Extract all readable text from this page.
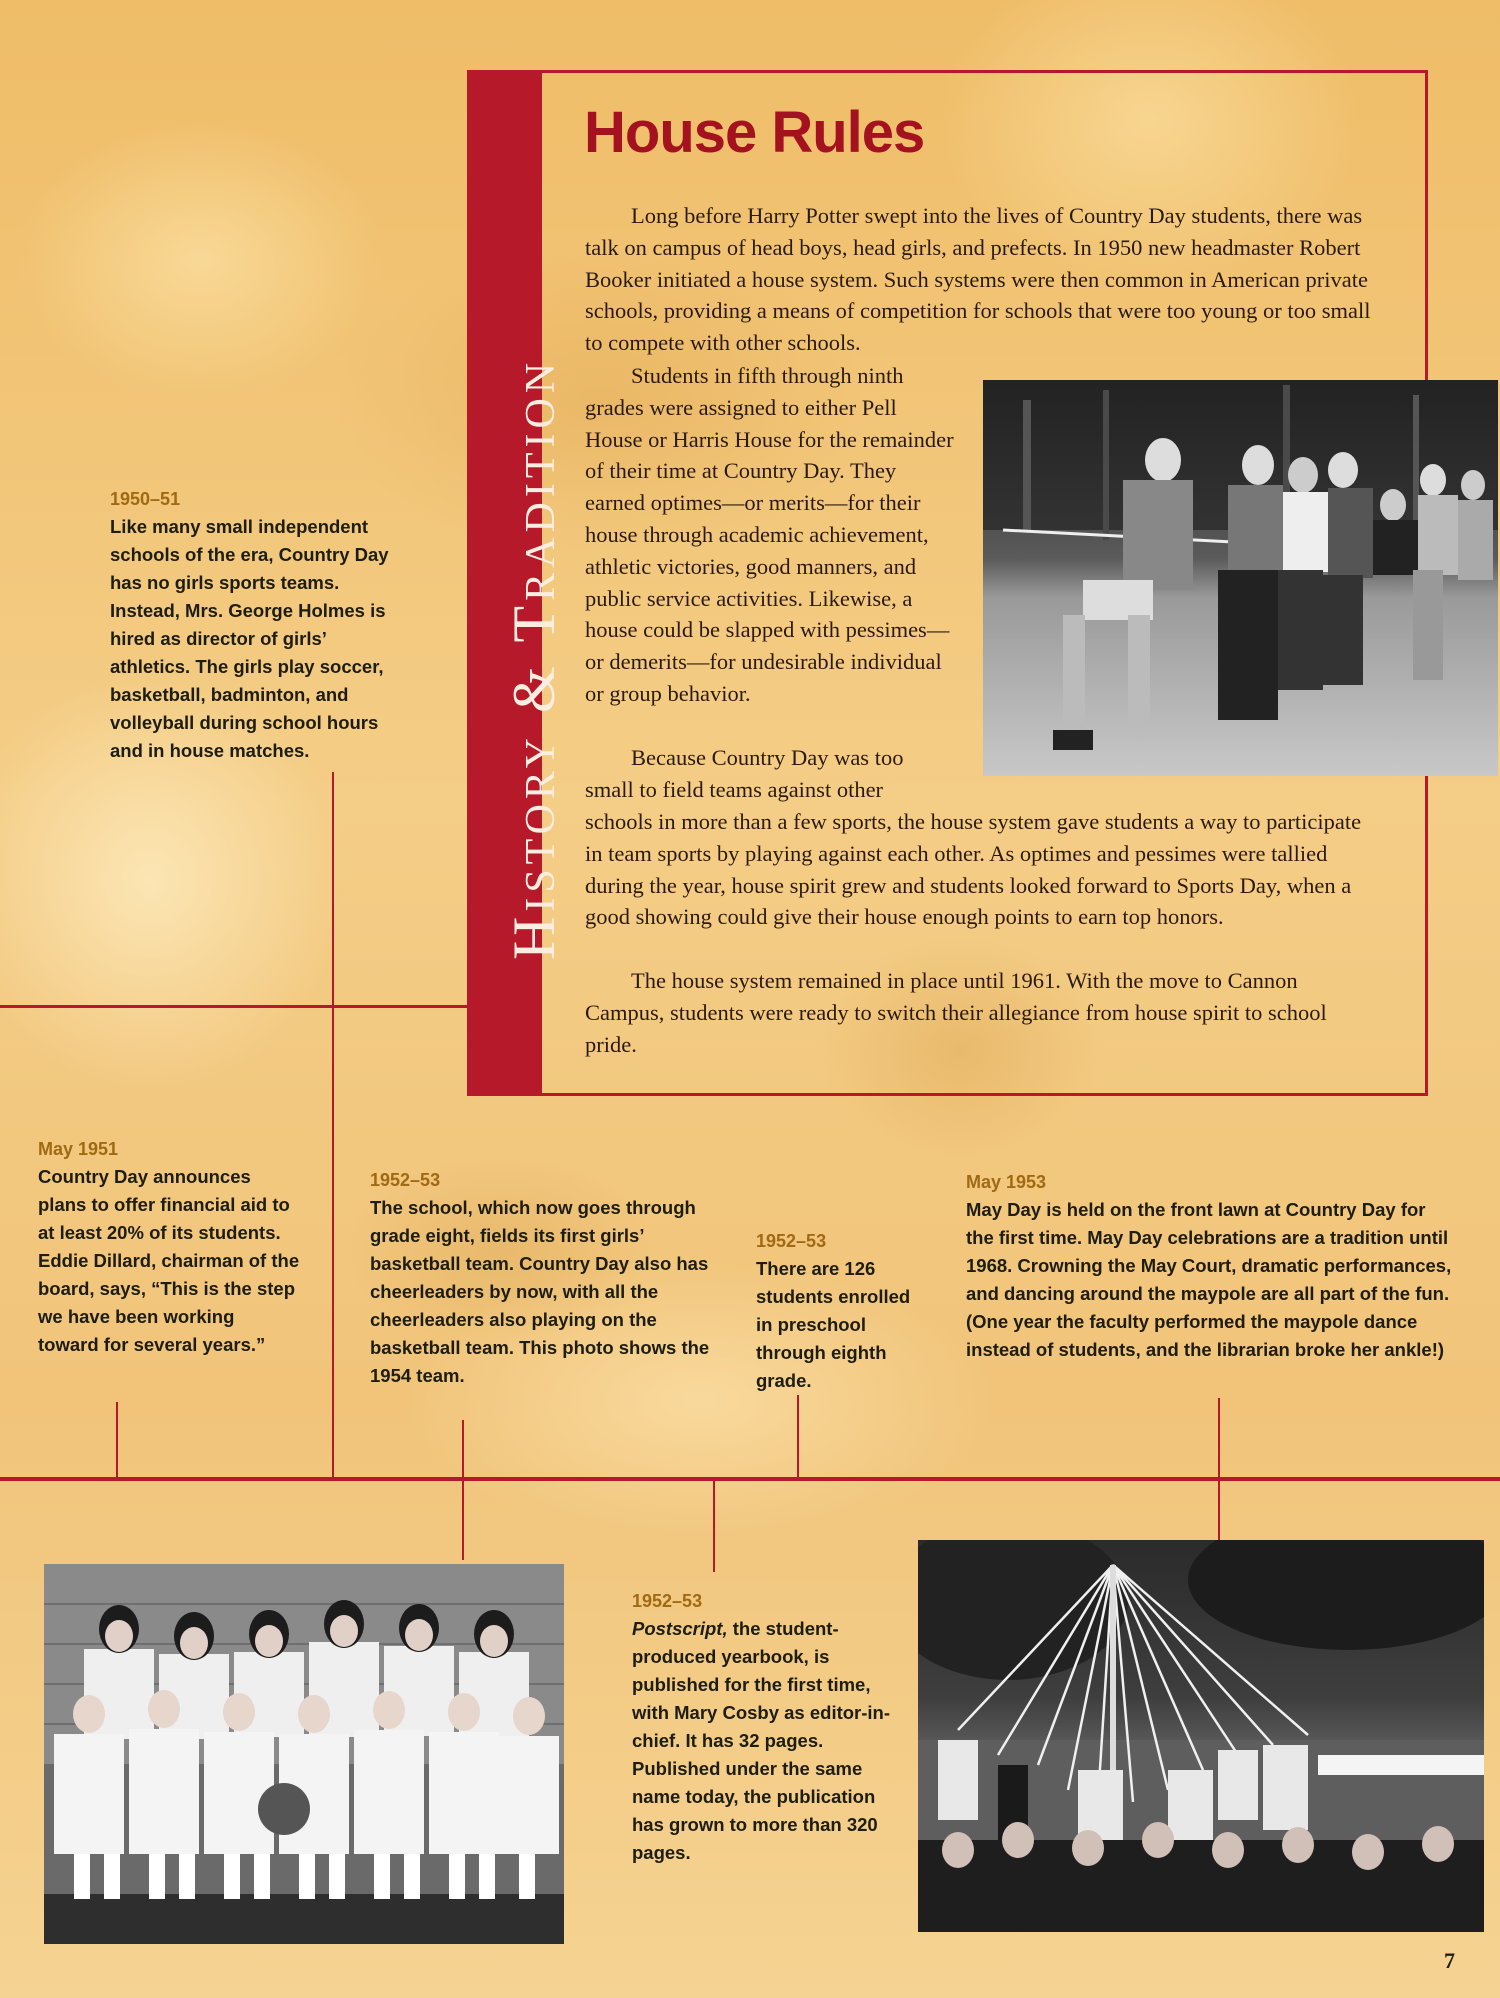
History & Tradition
House Rules

Long before Harry Potter swept into the lives of Country Day students, there was talk on campus of head boys, head girls, and prefects. In 1950 new headmaster Robert Booker initiated a house system. Such systems were then common in American private schools, providing a means of competition for schools that were too young or too small to compete with other schools.

Students in fifth through ninth grades were assigned to either Pell House or Harris House for the remainder of their time at Country Day. They earned optimes—or merits—for their house through academic achievement, athletic victories, good manners, and public service activities. Likewise, a house could be slapped with pessimes—or demerits—for undesirable individual or group behavior.

Because Country Day was too small to field teams against other

schools in more than a few sports, the house system gave students a way to participate in team sports by playing against each other. As optimes and pessimes were tallied during the year, house spirit grew and students looked forward to Sports Day, when a good showing could give their house enough points to earn top honors.

The house system remained in place until 1961. With the move to Cannon Campus, students were ready to switch their allegiance from house spirit to school pride.

1950–51

Like many small independent schools of the era, Country Day has no girls sports teams. Instead, Mrs. George Holmes is hired as director of girls’ athletics. The girls play soccer, basketball, badminton, and volleyball during school hours and in house matches.

May 1951

Country Day announces plans to offer financial aid to at least 20% of its students. Eddie Dillard, chairman of the board, says, “This is the step we have been working toward for several years.”

1952–53

The school, which now goes through grade eight, fields its first girls’ basketball team. Country Day also has cheerleaders by now, with all the cheerleaders also playing on the basketball team. This photo shows the 1954 team.

1952–53

There are 126 students enrolled in preschool through eighth grade.

May 1953

May Day is held on the front lawn at Country Day for the first time. May Day celebrations are a tradition until 1968. Crowning the May Court, dramatic performances, and dancing around the maypole are all part of the fun. (One year the faculty performed the maypole dance instead of students, and the librarian broke her ankle!)

1952–53

Postscript, the student-produced yearbook, is published for the first time, with Mary Cosby as editor-in-chief. It has 32 pages. Published under the same name today, the publication has grown to more than 320 pages.

7
